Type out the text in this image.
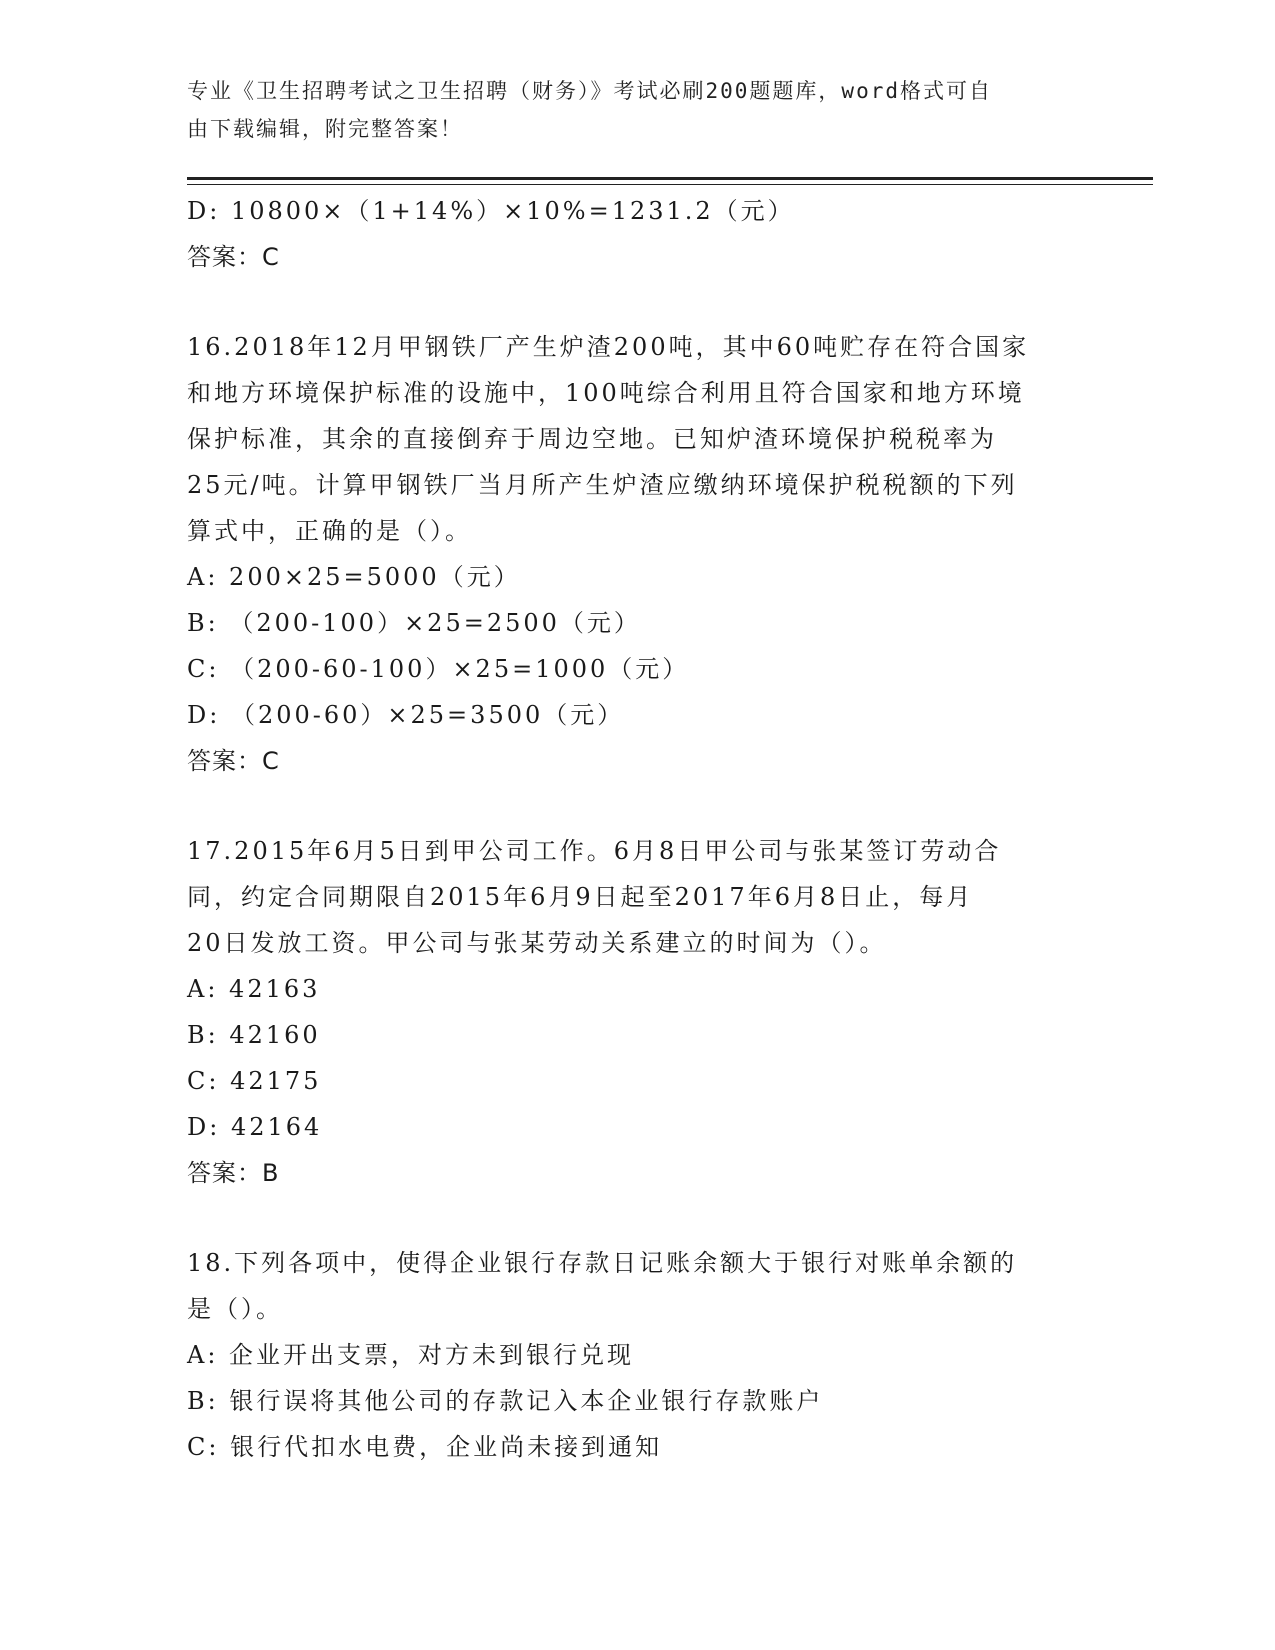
专业《卫生招聘考试之卫生招聘（财务）》考试必刷200题题库，word格式可自
由下载编辑，附完整答案！
D: 10800×（1+14%）×10%=1231.2（元）
答案：C
16.2018年12月甲钢铁厂产生炉渣200吨，其中60吨贮存在符合国家
和地方环境保护标准的设施中，100吨综合利用且符合国家和地方环境
保护标准，其余的直接倒弃于周边空地。已知炉渣环境保护税税率为
25元/吨。计算甲钢铁厂当月所产生炉渣应缴纳环境保护税税额的下列
算式中，正确的是（）。
A: 200×25=5000（元）
B: （200-100）×25=2500（元）
C: （200-60-100）×25=1000（元）
D: （200-60）×25=3500（元）
答案：C
17.2015年6月5日到甲公司工作。6月8日甲公司与张某签订劳动合
同，约定合同期限自2015年6月9日起至2017年6月8日止，每月
20日发放工资。甲公司与张某劳动关系建立的时间为（）。
A: 42163
B: 42160
C: 42175
D: 42164
答案：B
18.下列各项中，使得企业银行存款日记账余额大于银行对账单余额的
是（）。
A: 企业开出支票，对方未到银行兑现
B: 银行误将其他公司的存款记入本企业银行存款账户
C: 银行代扣水电费，企业尚未接到通知
